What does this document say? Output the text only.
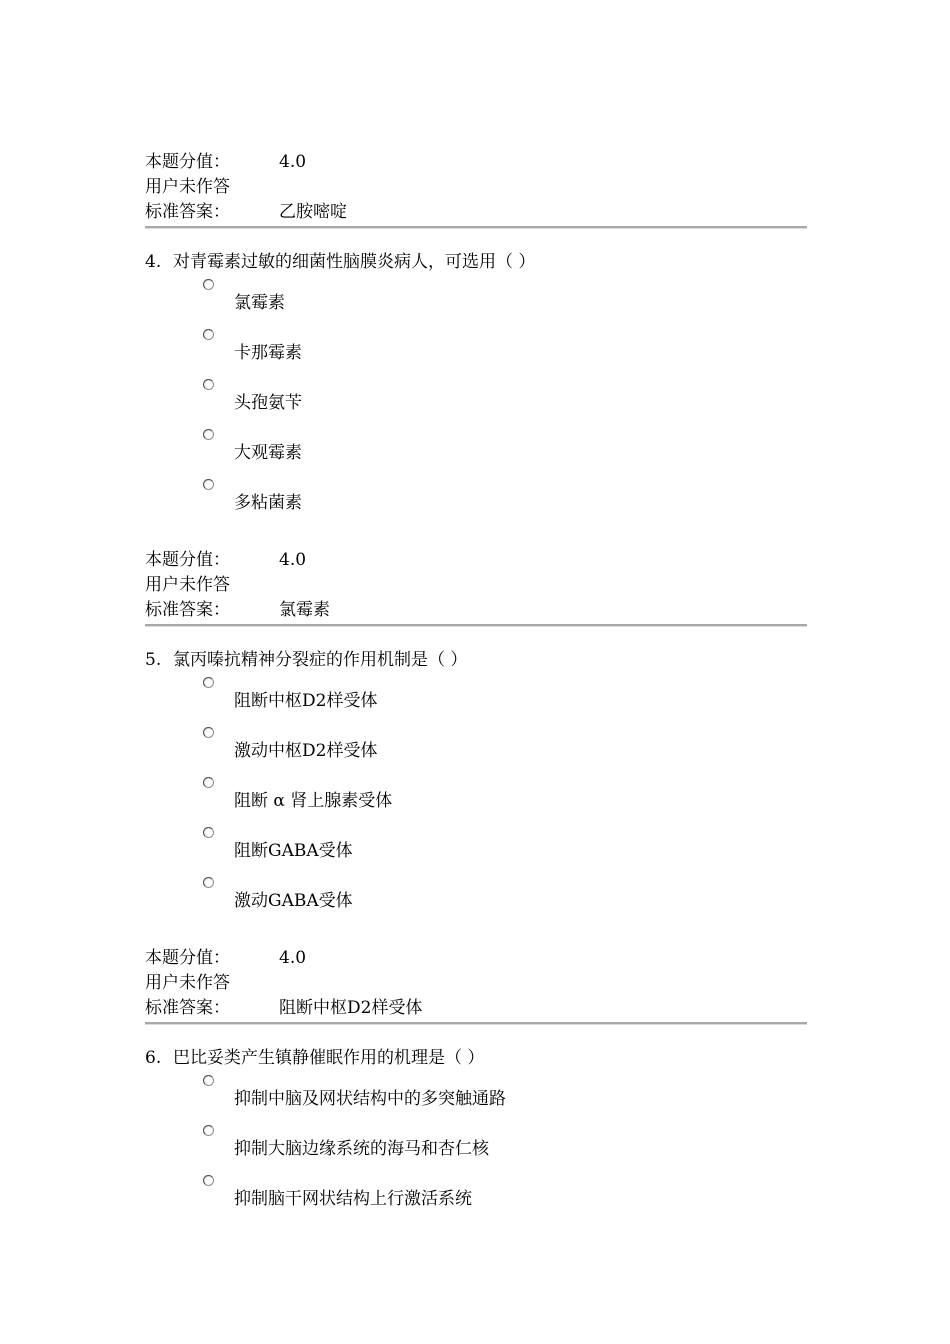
本题分值：	4.0
用户未作答
标准答案：	乙胺嘧啶
4. 对青霉素过敏的细菌性脑膜炎病人，可选用（ ）
氯霉素
卡那霉素
头孢氨苄
大观霉素
多粘菌素
本题分值：	4.0
用户未作答
标准答案：	氯霉素
5. 氯丙嗪抗精神分裂症的作用机制是（ ）
阻断中枢D2样受体
激动中枢D2样受体
阻断 α 肾上腺素受体
阻断GABA受体
激动GABA受体
本题分值：	4.0
用户未作答
标准答案：	阻断中枢D2样受体
6. 巴比妥类产生镇静催眠作用的机理是（ ）
抑制中脑及网状结构中的多突触通路
抑制大脑边缘系统的海马和杏仁核
抑制脑干网状结构上行激活系统
